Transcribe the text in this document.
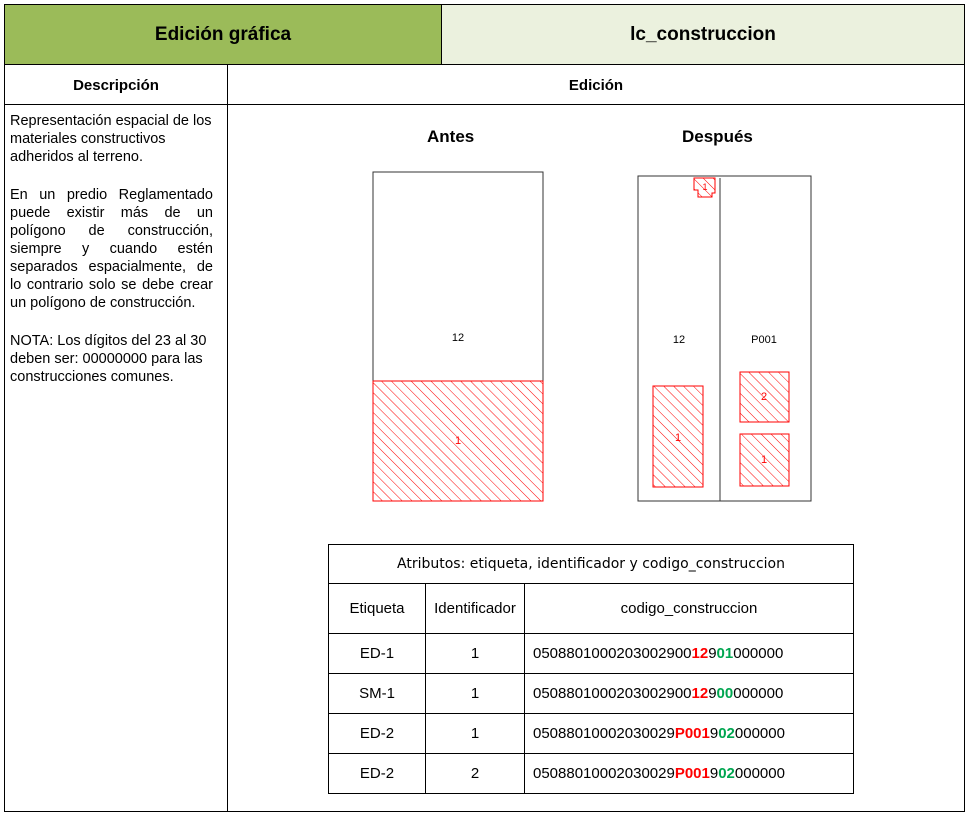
Edición gráfica	lc_construccion
Descripción	Edición

Representación espacial de los materiales constructivos adheridos al terreno.

En un predio Reglamentado puede existir más de un polígono de construcción, siempre y cuando estén separados espacialmente, de lo contrario solo se debe crear un polígono de construcción.

NOTA: Los dígitos del 23 al 30 deben ser: 00000000 para las construcciones comunes.

Antes	Después
12
1
1
1
2
1
12	P001
Atributos: etiqueta, identificador y codigo_construccion		
Etiqueta	Identificador	codigo_construccion
ED-1	1	050880100020300290012901000000
SM-1	1	050880100020300290012900000000
ED-2	1	05088010002030029P001902000000
ED-2	2	05088010002030029P001902000000
